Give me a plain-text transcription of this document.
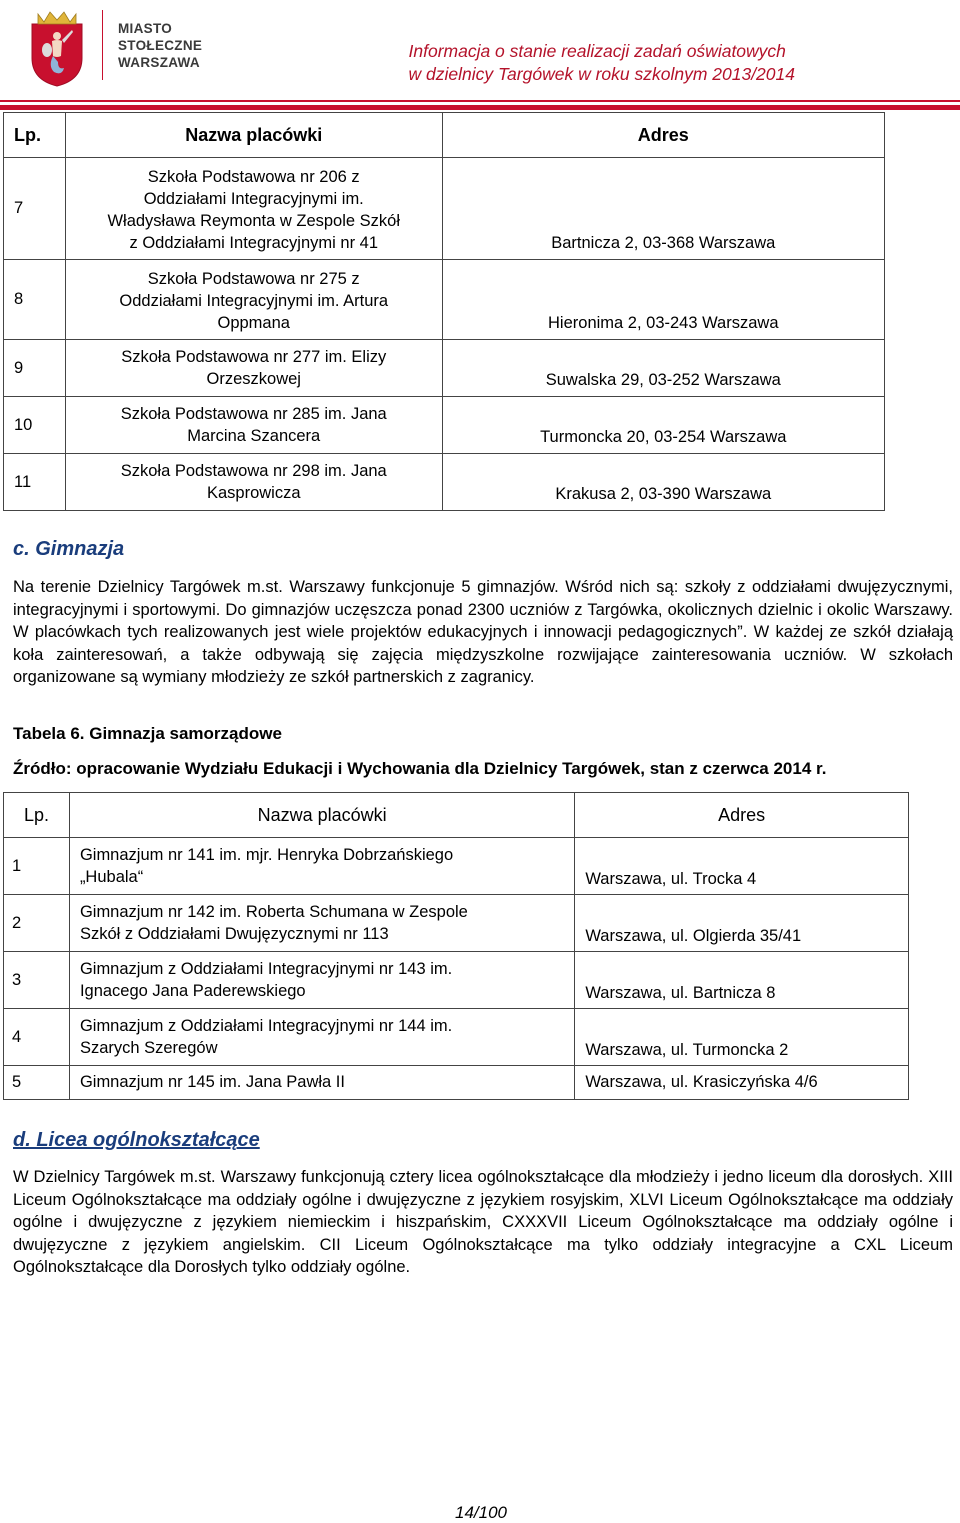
MIASTO
STOŁECZNE
WARSZAWA
Informacja o stanie realizacji zadań oświatowych
w dzielnicy Targówek w roku szkolnym 2013/2014
Lp.	Nazwa placówki	Adres
7	Szkoła Podstawowa nr 206 z
Oddziałami Integracyjnymi im.
Władysława Reymonta w Zespole Szkół
z Oddziałami Integracyjnymi nr 41	Bartnicza 2, 03-368 Warszawa
8	Szkoła Podstawowa nr 275 z
Oddziałami Integracyjnymi im. Artura
Oppmana	Hieronima 2, 03-243 Warszawa
9	Szkoła Podstawowa nr 277 im. Elizy
Orzeszkowej	Suwalska 29, 03-252 Warszawa
10	Szkoła Podstawowa nr 285 im. Jana
Marcina Szancera	Turmoncka 20, 03-254 Warszawa
11	Szkoła Podstawowa nr 298 im. Jana
Kasprowicza	Krakusa 2, 03-390 Warszawa
c. Gimnazja

Na terenie Dzielnicy Targówek m.st. Warszawy funkcjonuje 5 gimnazjów. Wśród nich są: szkoły z oddziałami dwujęzycznymi, integracyjnymi i sportowymi. Do gimnazjów uczęszcza ponad 2300 uczniów z Targówka, okolicznych dzielnic i okolic Warszawy. W placówkach tych realizowanych jest wiele projektów edukacyjnych i innowacji pedagogicznych”. W każdej ze szkół działają koła zainteresowań, a także odbywają się zajęcia międzyszkolne rozwijające zainteresowania uczniów. W szkołach organizowane są wymiany młodzieży ze szkół partnerskich z zagranicy.

Tabela 6. Gimnazja samorządowe
Źródło: opracowanie Wydziału Edukacji i Wychowania dla Dzielnicy Targówek, stan z czerwca 2014 r.
Lp.	Nazwa placówki	Adres
1	Gimnazjum nr 141 im. mjr. Henryka Dobrzańskiego
„Hubala“	Warszawa, ul. Trocka 4
2	Gimnazjum nr 142 im. Roberta Schumana w Zespole
Szkół z Oddziałami Dwujęzycznymi nr 113	Warszawa, ul. Olgierda 35/41
3	Gimnazjum z Oddziałami Integracyjnymi nr 143 im.
Ignacego Jana Paderewskiego	Warszawa, ul. Bartnicza 8
4	Gimnazjum z Oddziałami Integracyjnymi nr 144 im.
Szarych Szeregów	Warszawa, ul. Turmoncka 2
5	Gimnazjum nr 145 im. Jana Pawła II	Warszawa, ul. Krasiczyńska 4/6
d. Licea ogólnokształcące

W Dzielnicy Targówek m.st. Warszawy funkcjonują cztery licea ogólnokształcące dla młodzieży i jedno liceum dla dorosłych. XIII Liceum Ogólnokształcące ma oddziały ogólne i dwujęzyczne z językiem rosyjskim, XLVI Liceum Ogólnokształcące ma oddziały ogólne i dwujęzyczne z językiem niemieckim i hiszpańskim, CXXXVII Liceum Ogólnokształcące ma oddziały ogólne i dwujęzyczne z językiem angielskim. CII Liceum Ogólnokształcące ma tylko oddziały integracyjne a CXL Liceum Ogólnokształcące dla Dorosłych tylko oddziały ogólne.

14/100
